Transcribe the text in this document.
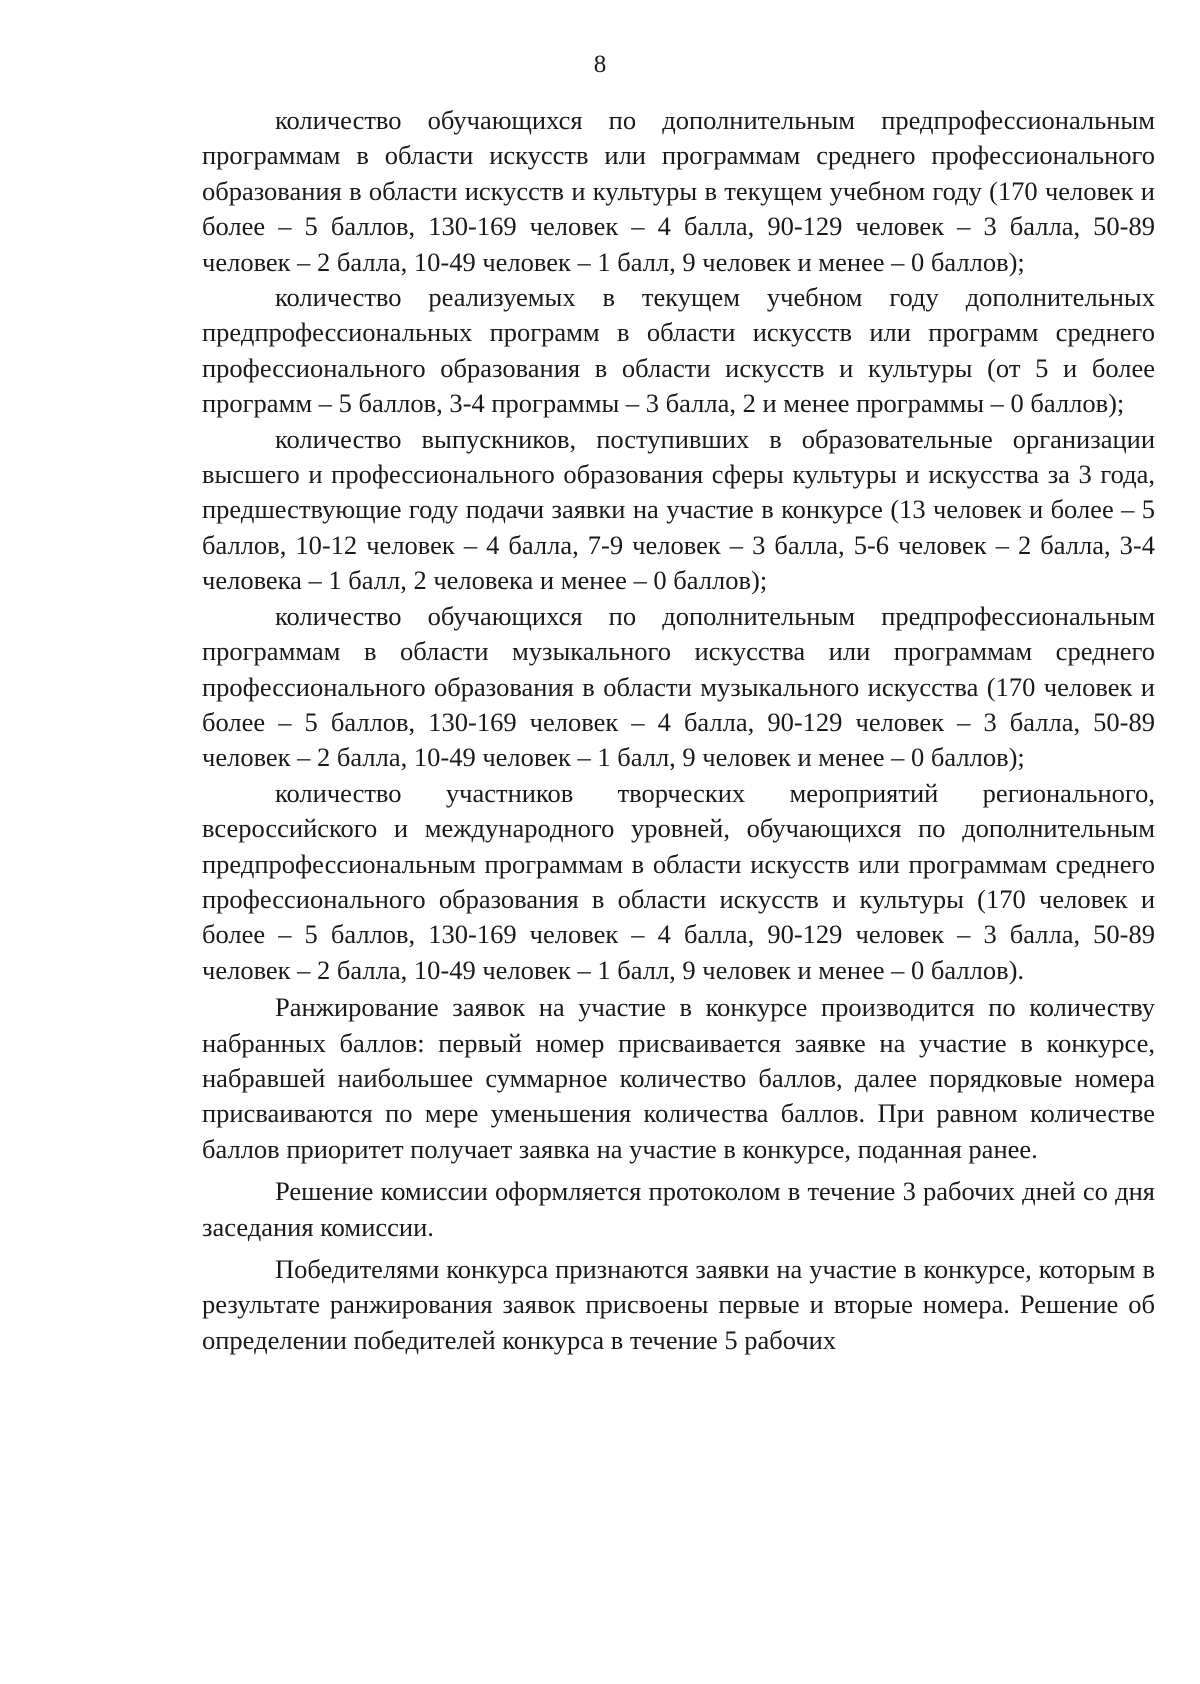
8

количество обучающихся по дополнительным предпрофессиональным программам в области искусств или программам среднего профессионального образования в области искусств и культуры в текущем учебном году (170 человек и более – 5 баллов, 130-169 человек – 4 балла, 90-129 человек – 3 балла, 50-89 человек – 2 балла, 10-49 человек – 1 балл, 9 человек и менее – 0 баллов);

количество реализуемых в текущем учебном году дополнительных предпрофессиональных программ в области искусств или программ среднего профессионального образования в области искусств и культуры (от 5 и более программ – 5 баллов, 3-4 программы – 3 балла, 2 и менее программы – 0 баллов);

количество выпускников, поступивших в образовательные организации высшего и профессионального образования сферы культуры и искусства за 3 года, предшествующие году подачи заявки на участие в конкурсе (13 человек и более – 5 баллов, 10-12 человек – 4 балла, 7-9 человек – 3 балла, 5-6 человек – 2 балла, 3-4 человека – 1 балл, 2 человека и менее – 0 баллов);

количество обучающихся по дополнительным предпрофессиональным программам в области музыкального искусства или программам среднего профессионального образования в области музыкального искусства (170 человек и более – 5 баллов, 130-169 человек – 4 балла, 90-129 человек – 3 балла, 50-89 человек – 2 балла, 10-49 человек – 1 балл, 9 человек и менее – 0 баллов);

количество участников творческих мероприятий регионального, всероссийского и международного уровней, обучающихся по дополнительным предпрофессиональным программам в области искусств или программам среднего профессионального образования в области искусств и культуры (170 человек и более – 5 баллов, 130-169 человек – 4 балла, 90-129 человек – 3 балла, 50-89 человек – 2 балла, 10-49 человек – 1 балл, 9 человек и менее – 0 баллов).

Ранжирование заявок на участие в конкурсе производится по количеству набранных баллов: первый номер присваивается заявке на участие в конкурсе, набравшей наибольшее суммарное количество баллов, далее порядковые номера присваиваются по мере уменьшения количества баллов. При равном количестве баллов приоритет получает заявка на участие в конкурсе, поданная ранее.

Решение комиссии оформляется протоколом в течение 3 рабочих дней со дня заседания комиссии.

Победителями конкурса признаются заявки на участие в конкурсе, которым в результате ранжирования заявок присвоены первые и вторые номера. Решение об определении победителей конкурса в течение 5 рабочих
